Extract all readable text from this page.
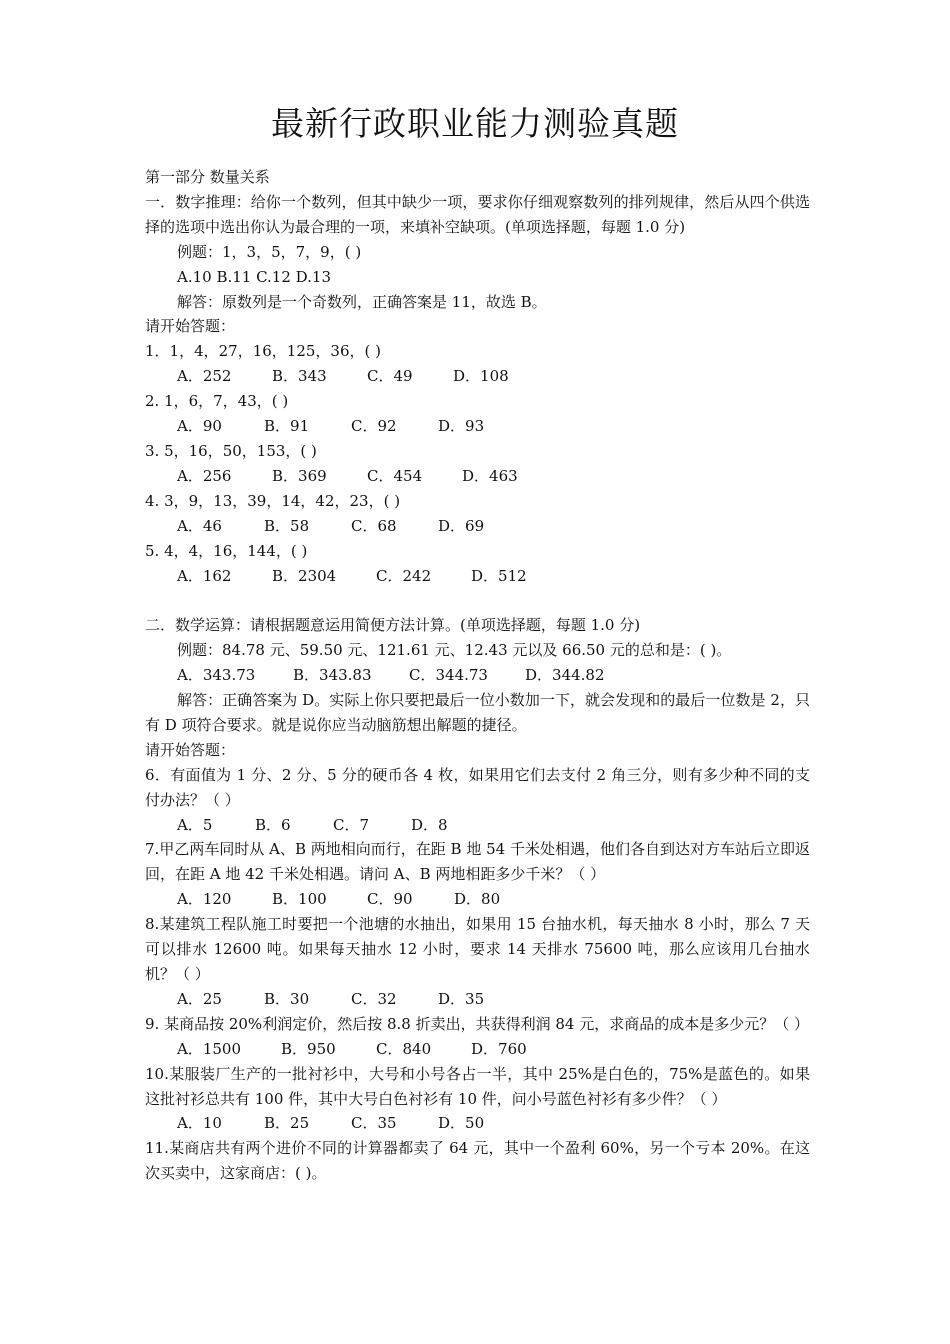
最新行政职业能力测验真题
第一部分 数量关系
一．数字推理：给你一个数列，但其中缺少一项，要求你仔细观察数列的排列规律，然后从四个供选择的选项中选出你认为最合理的一项，来填补空缺项。(单项选择题，每题 1.0 分)
例题：1，3，5，7，9，( )
A.10 B.11 C.12 D.13
解答：原数列是一个奇数列，正确答案是 11，故选 B。
请开始答题：
1．1，4，27，16，125，36，( )
A．252	B．343	C．49	D．108
2. 1，6，7，43，( )
A．90	B．91	C．92	D．93
3. 5，16，50，153，( )
A．256	B．369	C．454	D．463
4. 3，9，13，39，14，42，23，( )
A．46	B．58	C．68	D．69
5. 4，4，16，144，( )
A．162	B．2304	C．242	D．512
二．数学运算：请根据题意运用简便方法计算。(单项选择题，每题 1.0 分)
例题：84.78 元、59.50 元、121.61 元、12.43 元以及 66.50 元的总和是：( )。
A．343.73	B．343.83 C．344.73 D．344.82
解答：正确答案为 D。实际上你只要把最后一位小数加一下，就会发现和的最后一位数是 2，只有 D 项符合要求。就是说你应当动脑筋想出解题的捷径。
请开始答题：
6．有面值为 1 分、2 分、5 分的硬币各 4 枚，如果用它们去支付 2 角三分，则有多少种不同的支付办法？（ ）
A．5	B．6	C．7	D．8
7.甲乙两车同时从 A、B 两地相向而行，在距 B 地 54 千米处相遇，他们各自到达对方车站后立即返回，在距 A 地 42 千米处相遇。请问 A、B 两地相距多少千米？（ ）
A．120	B．100	C．90	D．80
8.某建筑工程队施工时要把一个池塘的水抽出，如果用 15 台抽水机，每天抽水 8 小时，那么 7 天可以排水 12600 吨。如果每天抽水 12 小时，要求 14 天排水 75600 吨，那么应该用几台抽水机？（ ）
A．25	B．30	C．32	D．35
9. 某商品按 20%利润定价，然后按 8.8 折卖出，共获得利润 84 元，求商品的成本是多少元？（ ）
A．1500	B．950	C．840	D．760
10.某服装厂生产的一批衬衫中，大号和小号各占一半，其中 25%是白色的，75%是蓝色的。如果这批衬衫总共有 100 件，其中大号白色衬衫有 10 件，问小号蓝色衬衫有多少件？（ ）
A．10	B．25	C．35	D．50
11.某商店共有两个进价不同的计算器都卖了 64 元，其中一个盈利 60%，另一个亏本 20%。在这次买卖中，这家商店：( )。
